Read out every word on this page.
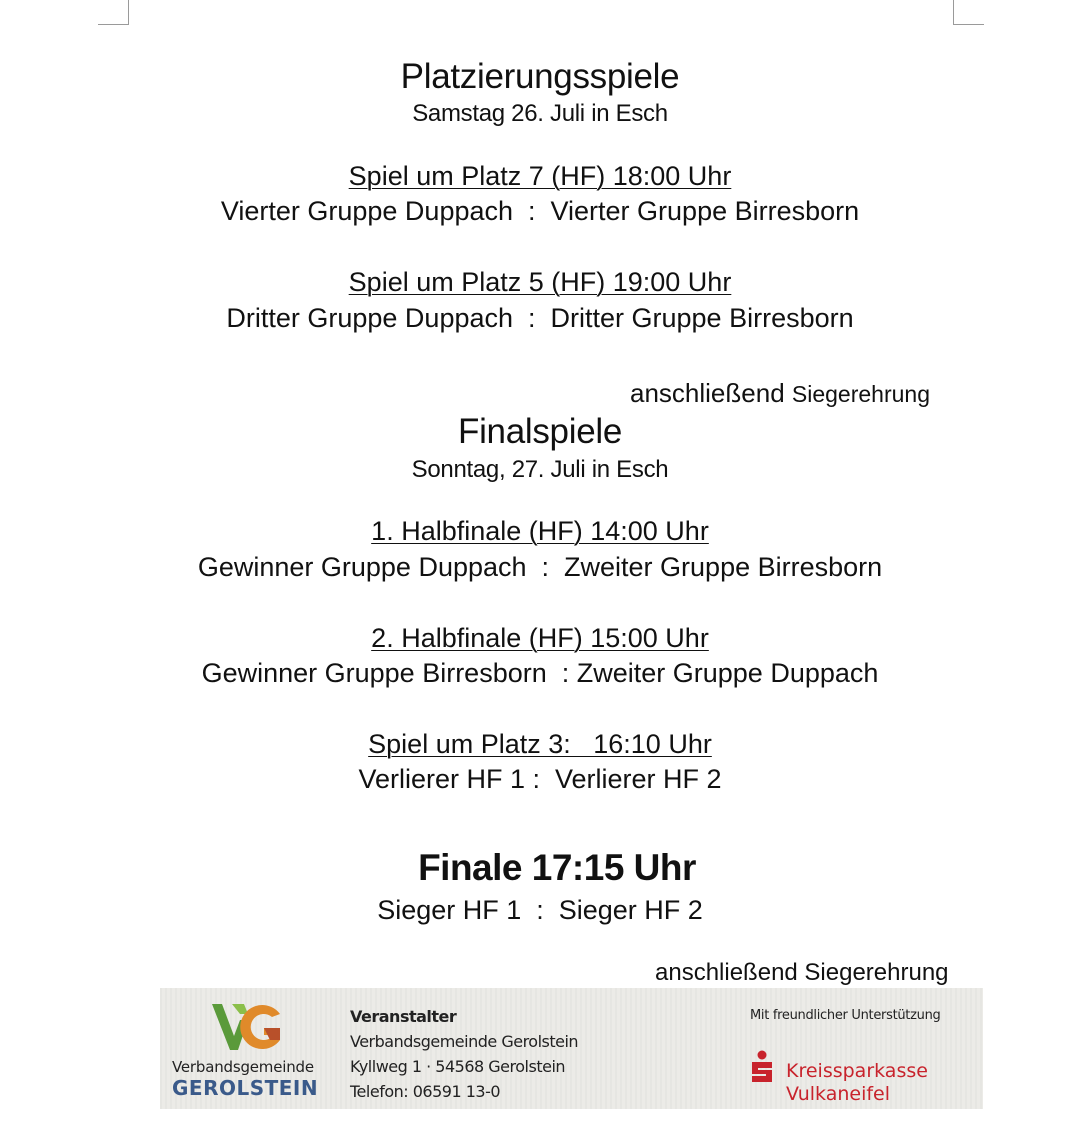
Platzierungsspiele
Samstag 26. Juli in Esch
Spiel um Platz 7 (HF) 18:00 Uhr
Vierter Gruppe Duppach  :  Vierter Gruppe Birresborn
Spiel um Platz 5 (HF) 19:00 Uhr
Dritter Gruppe Duppach  :  Dritter Gruppe Birresborn
anschließend Siegerehrung
Finalspiele
Sonntag, 27. Juli in Esch
1. Halbfinale (HF) 14:00 Uhr
Gewinner Gruppe Duppach  :  Zweiter Gruppe Birresborn
2. Halbfinale (HF) 15:00 Uhr
Gewinner Gruppe Birresborn  : Zweiter Gruppe Duppach
Spiel um Platz 3:   16:10 Uhr
Verlierer HF 1 :  Verlierer HF 2
Finale 17:15 Uhr
Sieger HF 1  :  Sieger HF 2
anschließend Siegerehrung
Verbandsgemeinde
GEROLSTEIN
Veranstalter
Verbandsgemeinde Gerolstein
Kyllweg 1 · 54568 Gerolstein
Telefon: 06591 13-0
Mit freundlicher Unterstützung
Kreissparkasse
Vulkaneifel
